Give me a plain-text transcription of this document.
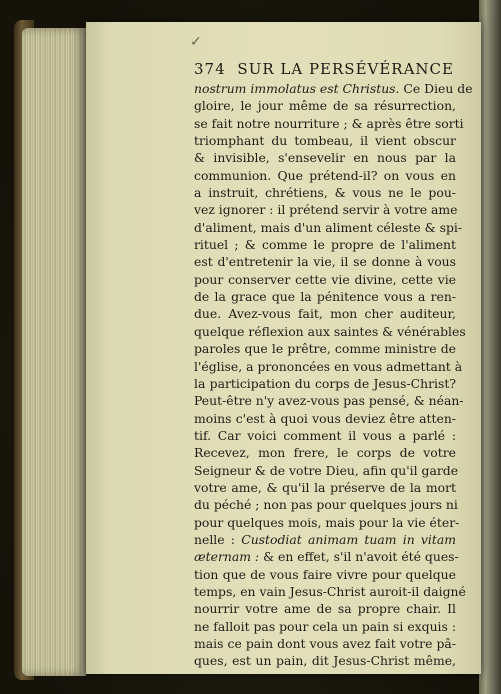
✓
374 SUR LA PERSÉVÉRANCE
nostrum immolatus est Christus. Ce Dieu de
gloire, le jour même de sa résurrection,
se fait notre nourriture ; & après être sorti
triomphant du tombeau, il vient obscur
& invisible, s'ensevelir en nous par la
communion. Que prétend-il? on vous en
a instruit, chrétiens, & vous ne le pou-
vez ignorer : il prétend servir à votre ame
d'aliment, mais d'un aliment céleste & spi-
rituel ; & comme le propre de l'aliment
est d'entretenir la vie, il se donne à vous
pour conserver cette vie divine, cette vie
de la grace que la pénitence vous a ren-
due. Avez-vous fait, mon cher auditeur,
quelque réflexion aux saintes & vénérables
paroles que le prêtre, comme ministre de
l'église, a prononcées en vous admettant à
la participation du corps de Jesus-Christ?
Peut-être n'y avez-vous pas pensé, & néan-
moins c'est à quoi vous deviez être atten-
tif. Car voici comment il vous a parlé :
Recevez, mon frere, le corps de votre
Seigneur & de votre Dieu, afin qu'il garde
votre ame, & qu'il la préserve de la mort
du péché ; non pas pour quelques jours ni
pour quelques mois, mais pour la vie éter-
nelle : Custodiat animam tuam in vitam
æternam : & en effet, s'il n'avoit été ques-
tion que de vous faire vivre pour quelque
temps, en vain Jesus-Christ auroit-il daigné
nourrir votre ame de sa propre chair. Il
ne falloit pas pour cela un pain si exquis :
mais ce pain dont vous avez fait votre pâ-
ques, est un pain, dit Jesus-Christ même,
